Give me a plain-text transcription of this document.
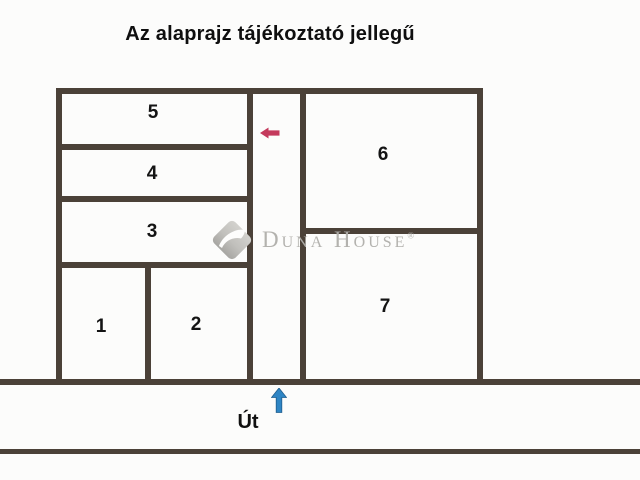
Az alaprajz tájékoztató jellegű
1	2
3
4
5
6
7
Út
Duna House®
